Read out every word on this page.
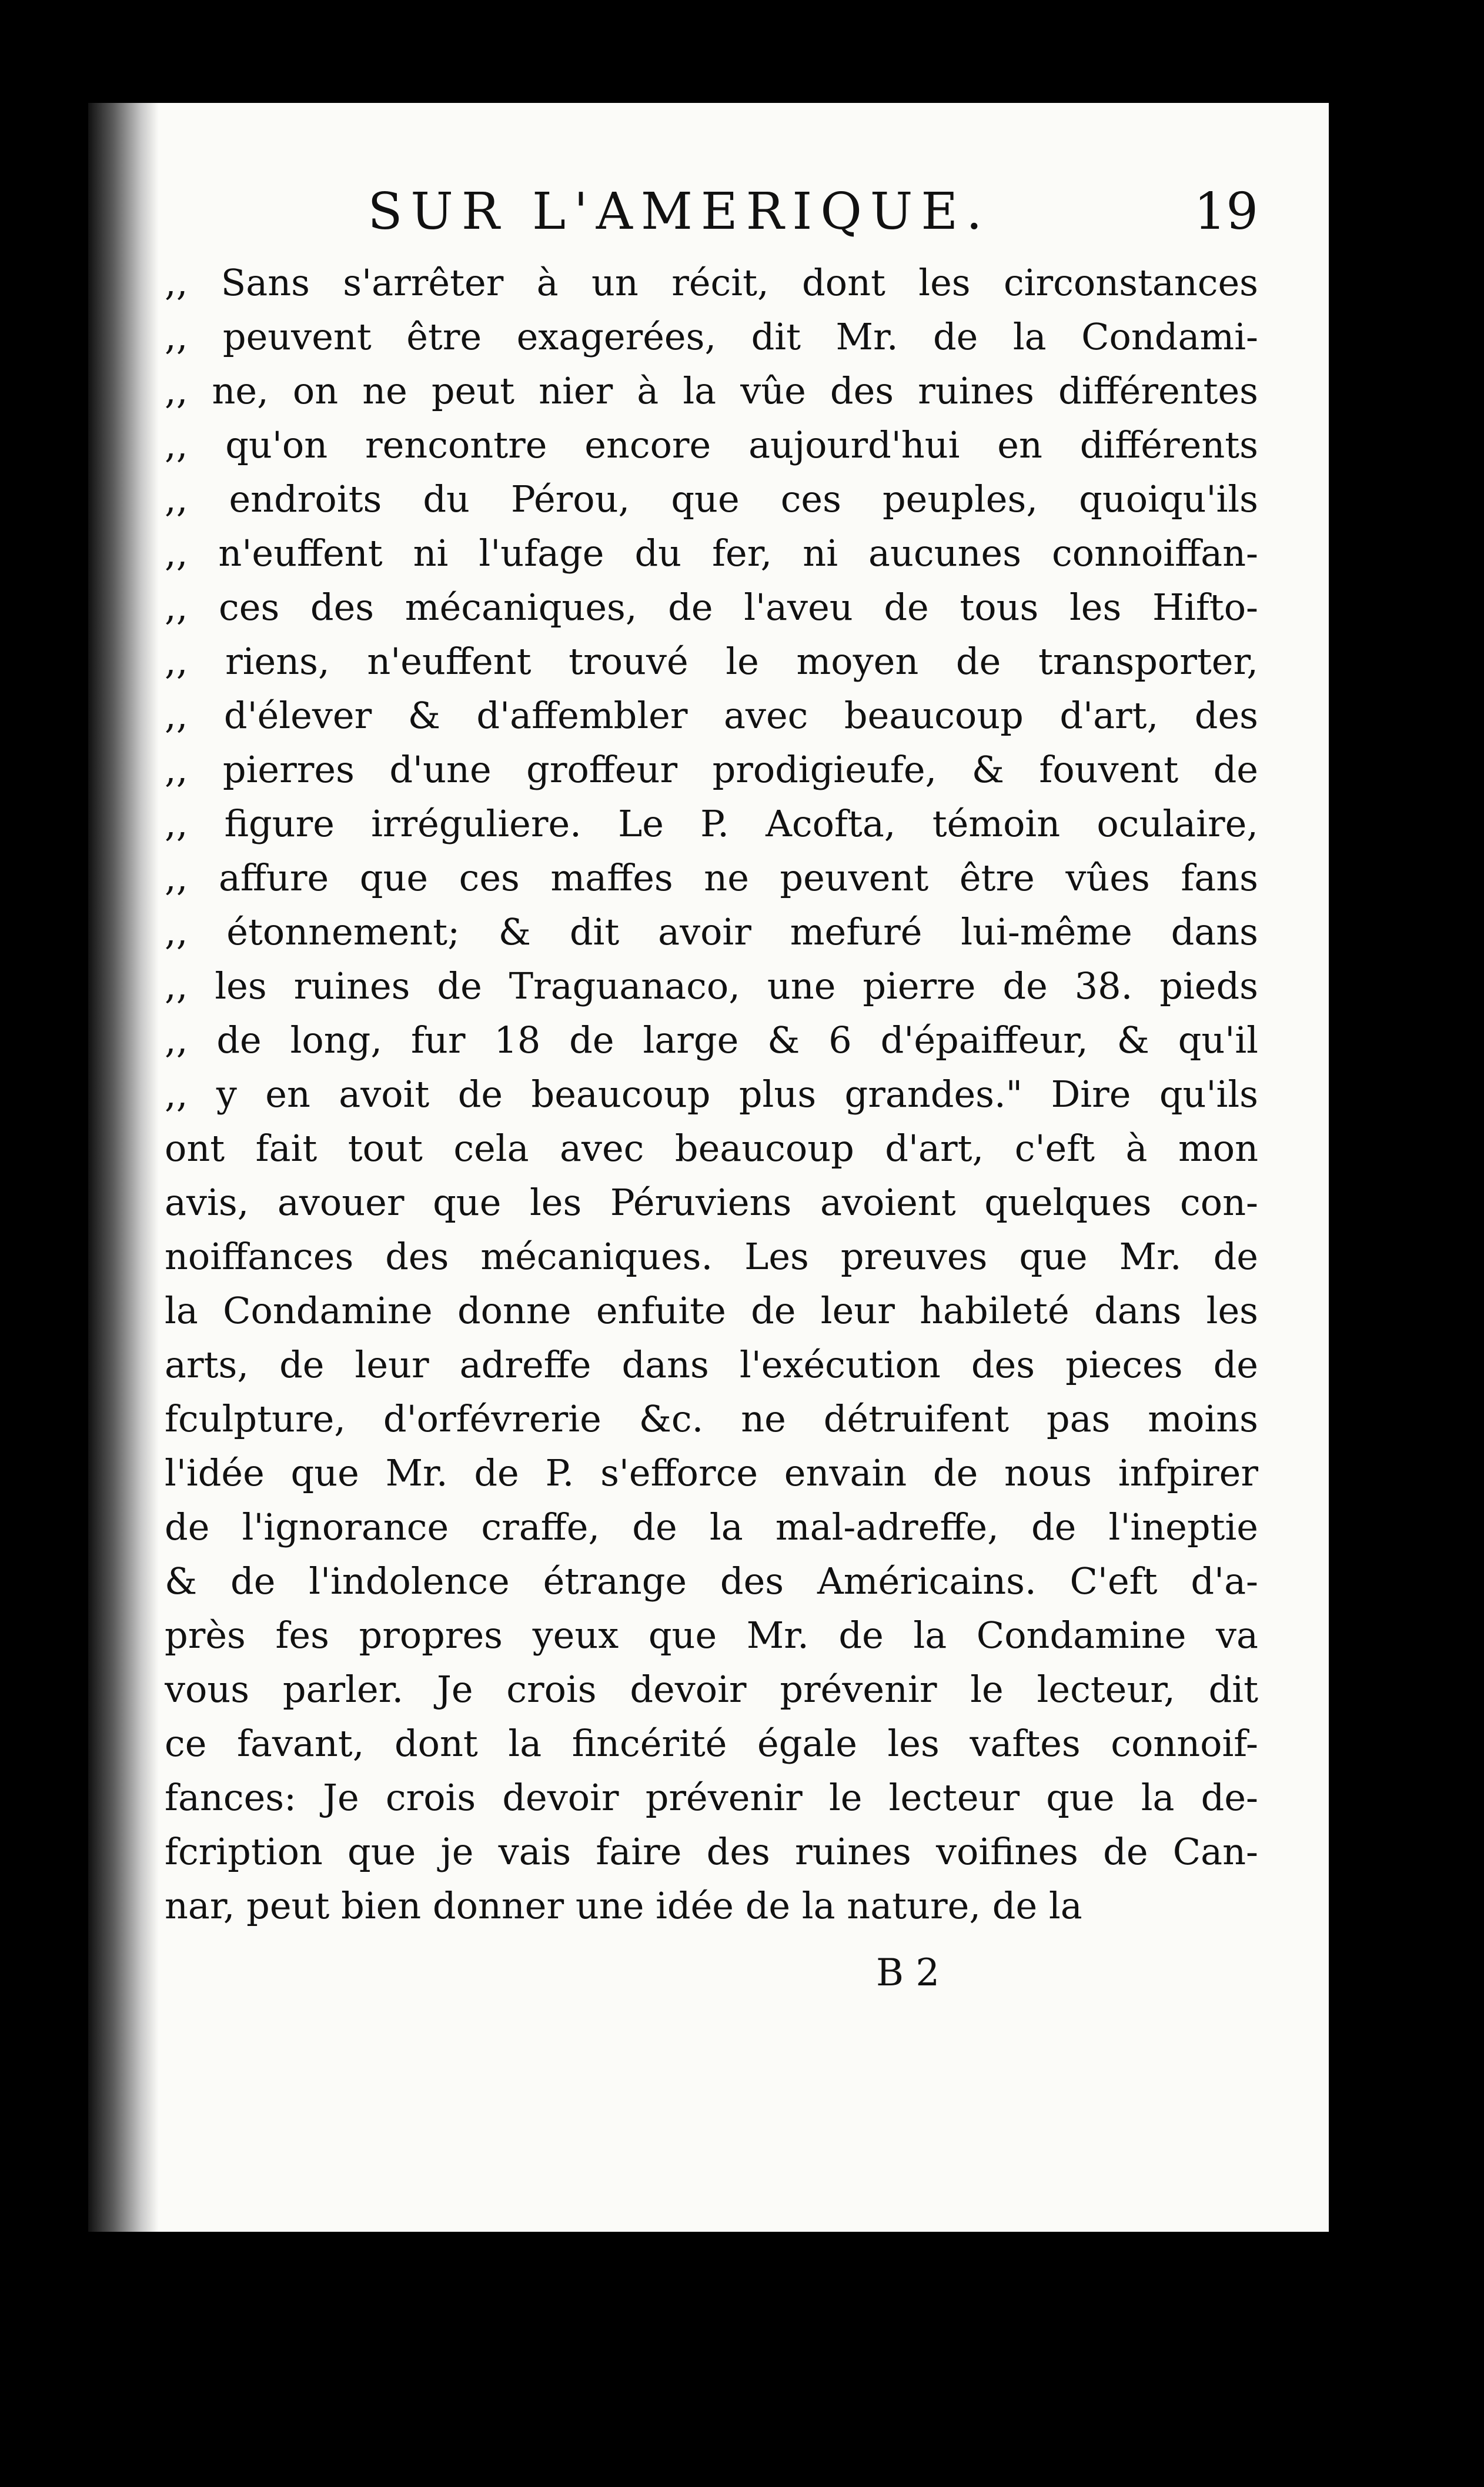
SUR L'AMERIQUE.	19
,, Sans s'arrêter à un récit, dont les circonstances
,, peuvent être exagerées, dit Mr. de la Condami-
,, ne, on ne peut nier à la vûe des ruines différentes
,, qu'on rencontre encore aujourd'hui en différents
,, endroits du Pérou, que ces peuples, quoiqu'ils
,, n'euffent ni l'ufage du fer, ni aucunes connoiffan-
,, ces des mécaniques, de l'aveu de tous les Hifto-
,, riens, n'euffent trouvé le moyen de transporter,
,, d'élever & d'affembler avec beaucoup d'art, des
,, pierres d'une groffeur prodigieufe, & fouvent de
,, figure irréguliere. Le P. Acofta, témoin oculaire,
,, affure que ces maffes ne peuvent être vûes fans
,, étonnement; & dit avoir mefuré lui-même dans
,, les ruines de Traguanaco, une pierre de 38. pieds
,, de long, fur 18 de large & 6 d'épaiffeur, & qu'il
,, y en avoit de beaucoup plus grandes." Dire qu'ils
ont fait tout cela avec beaucoup d'art, c'eft à mon
avis, avouer que les Péruviens avoient quelques con-
noiffances des mécaniques. Les preuves que Mr. de
la Condamine donne enfuite de leur habileté dans les
arts, de leur adreffe dans l'exécution des pieces de
fculpture, d'orfévrerie &c. ne détruifent pas moins
l'idée que Mr. de P. s'efforce envain de nous infpirer
de l'ignorance craffe, de la mal-adreffe, de l'ineptie
& de l'indolence étrange des Américains. C'eft d'a-
près fes propres yeux que Mr. de la Condamine va
vous parler. Je crois devoir prévenir le lecteur, dit
ce favant, dont la fincérité égale les vaftes connoif-
fances: Je crois devoir prévenir le lecteur que la de-
fcription que je vais faire des ruines voifines de Can-
nar, peut bien donner une idée de la nature, de la
B 2
